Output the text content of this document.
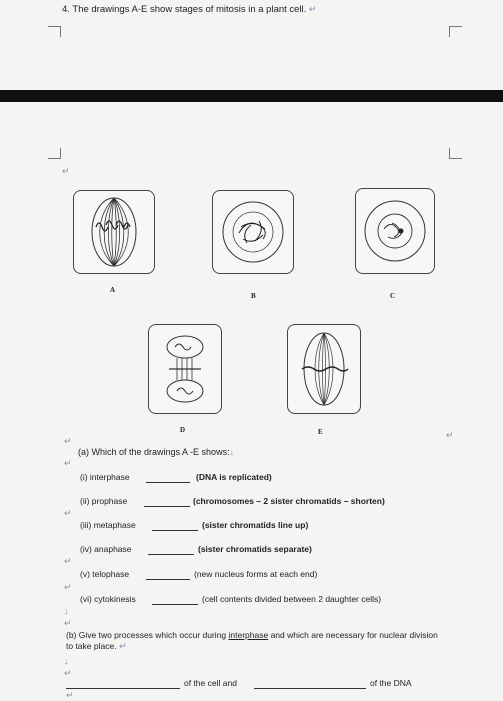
4. The drawings A-E show stages of mitosis in a plant cell. ↵
↵
A
B	C
D	E
↵
↵
(a) Which of the drawings A -E shows:↓
↵
(i) interphase	(DNA is replicated)
(ii) prophase	(chromosomes – 2 sister chromatids – shorten)
↵
(iii) metaphase	(sister chromatids line up)
(iv) anaphase	(sister chromatids separate)
↵
(v) telophase	(new nucleus forms at each end)
↵
(vi) cytokinesis	(cell contents divided between 2 daughter cells)
↓
↵
(b) Give two processes which occur during interphase and which are necessary for nuclear division to take place. ↵
↓
↵
of the cell and	of the DNA
↵
